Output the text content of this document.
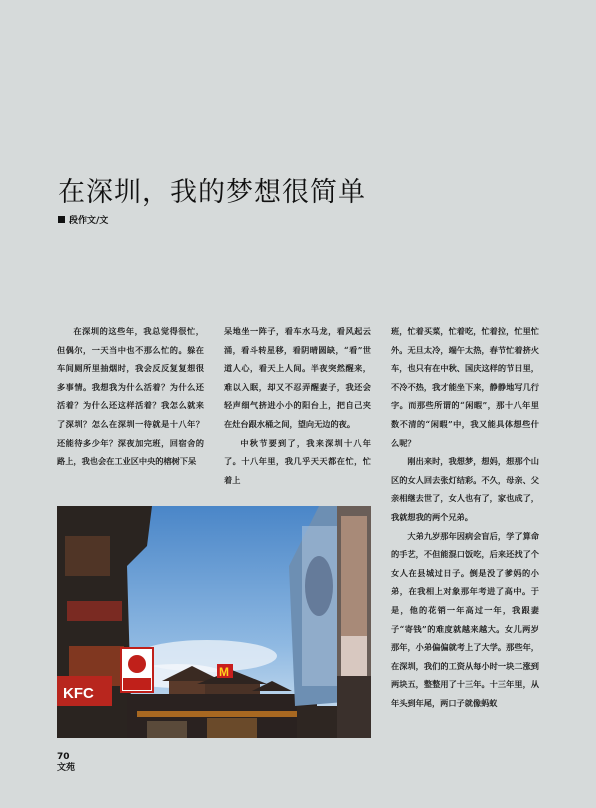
在深圳，我的梦想很简单
段作文/文

在深圳的这些年，我总觉得很忙，但偶尔，一天当中也不那么忙的。躲在车间厕所里抽烟时，我会反反复复想很多事情。我想我为什么活着？为什么还活着？为什么还这样活着？我怎么就来了深圳？怎么在深圳一待就是十八年？还能待多少年？深夜加完班，回宿舍的路上，我也会在工业区中央的榕树下呆

呆地坐一阵子，看车水马龙，看风起云涌，看斗转星移，看阴晴圆缺，“看”世道人心，看天上人间。半夜突然醒来，难以入眠，却又不忍弄醒妻子，我还会轻声细气挤进小小的阳台上，把自己夹在灶台跟水桶之间，望向无边的夜。

中秋节要到了，我来深圳十八年了。十八年里，我几乎天天都在忙，忙着上

班，忙着买菜，忙着吃，忙着拉，忙里忙外。无旦太冷，端午太热，春节忙着挤火车，也只有在中秋、国庆这样的节日里，不冷不热，我才能坐下来，静静地写几行字。而那些所谓的“闲暇”，那十八年里数不清的“闲暇”中，我又能具体想些什么呢？

刚出来时，我想梦，想妈，想那个山区的女人回去张灯结彩。不久，母亲、父亲相继去世了，女人也有了，家也成了，我就想我的两个兄弟。

大弟九岁那年因病会盲后，学了算命的手艺，不但能混口饭吃，后来还找了个女人在县城过日子。倒是没了爹妈的小弟，在我相上对象那年考进了高中。于是，他的花销一年高过一年，我跟妻子“寄钱”的难度就越来越大。女儿两岁那年，小弟偏偏就考上了大学。那些年，在深圳，我们的工资从每小时一块二涨到两块五，整整用了十三年。十三年里，从年头到年尾，两口子就像蚂蚁

KFC
M
70
文苑
